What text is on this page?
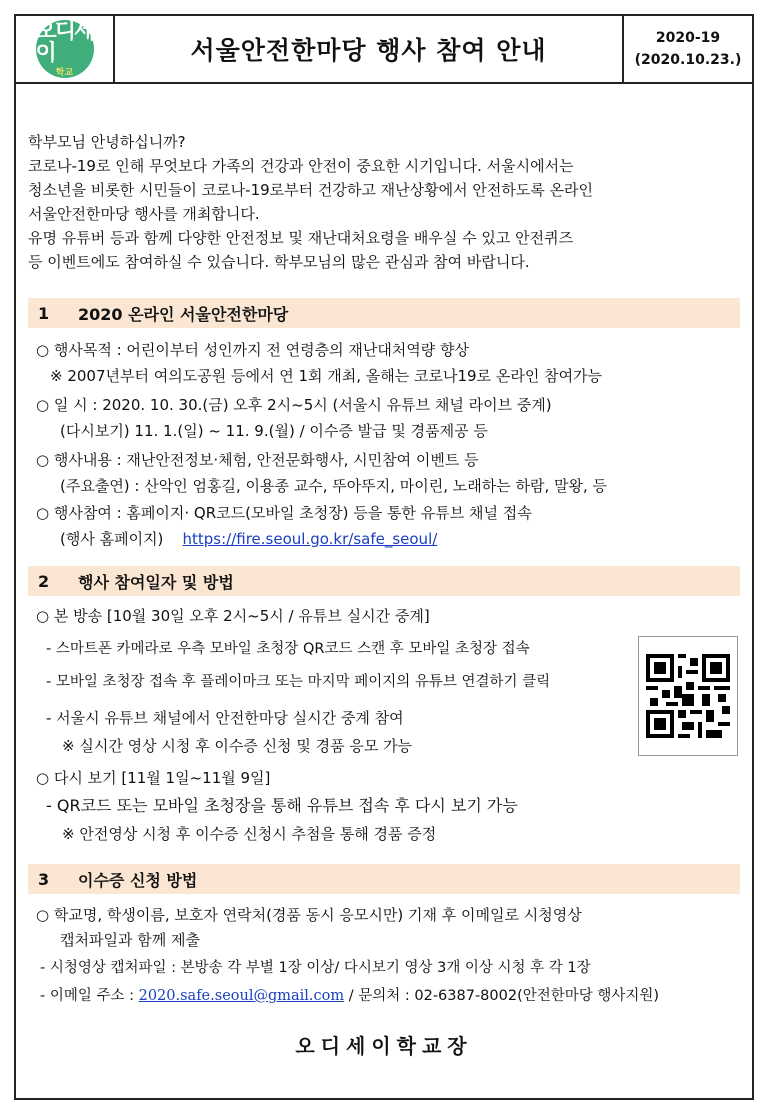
오디세이
학교
서울안전한마당 행사 참여 안내	2020-19
(2020.10.23.)

학부모님 안녕하십니까?

코로나-19로 인해 무엇보다 가족의 건강과 안전이 중요한 시기입니다. 서울시에서는

청소년을 비롯한 시민들이 코로나-19로부터 건강하고 재난상황에서 안전하도록 온라인

서울안전한마당 행사를 개최합니다.

유명 유튜버 등과 함께 다양한 안전정보 및 재난대처요령을 배우실 수 있고 안전퀴즈

등 이벤트에도 참여하실 수 있습니다. 학부모님의 많은 관심과 참여 바랍니다.

1	2020 온라인 서울안전한마당
○ 행사목적 : 어린이부터 성인까지 전 연령층의 재난대처역량 향상
※ 2007년부터 여의도공원 등에서 연 1회 개최, 올해는 코로나19로 온라인 참여가능
○ 일 시 : 2020. 10. 30.(금) 오후 2시~5시 (서울시 유튜브 채널 라이브 중계)
(다시보기) 11. 1.(일) ~ 11. 9.(월) / 이수증 발급 및 경품제공 등
○ 행사내용 : 재난안전정보·체험, 안전문화행사, 시민참여 이벤트 등
(주요출연) : 산악인 엄홍길, 이용종 교수, 뚜아뚜지, 마이린, 노래하는 하람, 말왕, 등
○ 행사참여 : 홈페이지· QR코드(모바일 초청장) 등을 통한 유튜브 채널 접속
(행사 홈페이지) https://fire.seoul.go.kr/safe_seoul/
2	행사 참여일자 및 방법
○ 본 방송 [10월 30일 오후 2시~5시 / 유튜브 실시간 중계]
- 스마트폰 카메라로 우측 모바일 초청장 QR코드 스캔 후 모바일 초청장 접속
- 모바일 초청장 접속 후 플레이마크 또는 마지막 페이지의 유튜브 연결하기 클릭
- 서울시 유튜브 채널에서 안전한마당 실시간 중계 참여
※ 실시간 영상 시청 후 이수증 신청 및 경품 응모 가능
○ 다시 보기 [11월 1일~11월 9일]
- QR코드 또는 모바일 초청장을 통해 유튜브 접속 후 다시 보기 가능
※ 안전영상 시청 후 이수증 신청시 추첨을 통해 경품 증정
3	이수증 신청 방법
○ 학교명, 학생이름, 보호자 연락처(경품 동시 응모시만) 기재 후 이메일로 시청영상
캡처파일과 함께 제출
- 시청영상 캡처파일 : 본방송 각 부별 1장 이상/ 다시보기 영상 3개 이상 시청 후 각 1장
- 이메일 주소 : 2020.safe.seoul@gmail.com / 문의처 : 02-6387-8002(안전한마당 행사지원)
오디세이학교장
